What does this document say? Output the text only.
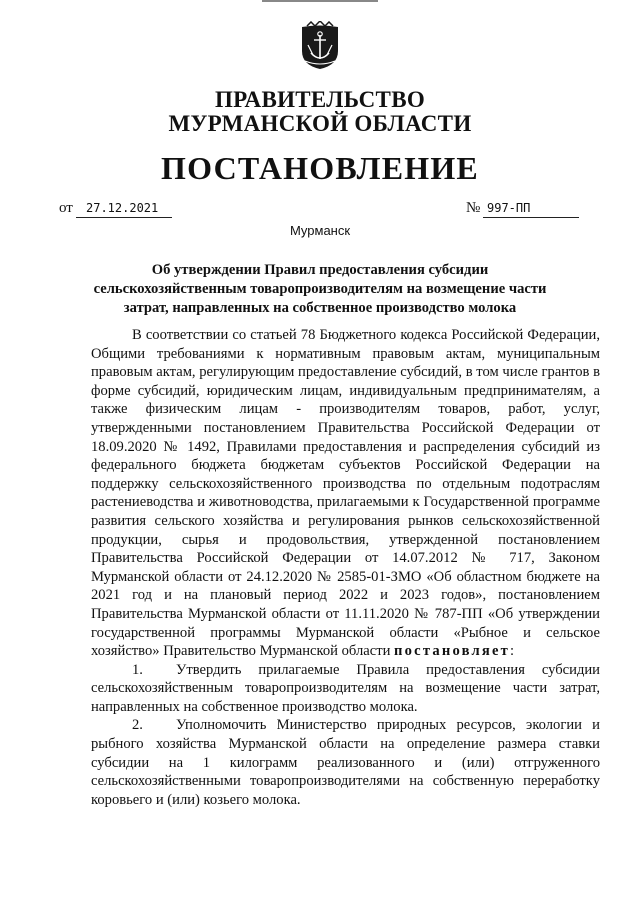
ПРАВИТЕЛЬСТВО
МУРМАНСКОЙ ОБЛАСТИ
ПОСТАНОВЛЕНИЕ
от	27.12.2021	№ 997-ПП
Мурманск
Об утверждении Правил предоставления субсидии
сельскохозяйственным товаропроизводителям на возмещение части
затрат, направленных на собственное производство молока

В соответствии со статьей 78 Бюджетного кодекса Российской Федерации, Общими требованиями к нормативным правовым актам, муниципальным правовым актам, регулирующим предоставление субсидий, в том числе грантов в форме субсидий, юридическим лицам, индивидуальным предпринимателям, а также физическим лицам - производителям товаров, работ, услуг, утвержденными постановлением Правительства Российской Федерации от 18.09.2020 № 1492, Правилами предоставления и распределения субсидий из федерального бюджета бюджетам субъектов Российской Федерации на поддержку сельскохозяйственного производства по отдельным подотраслям растениеводства и животноводства, прилагаемыми к Государственной программе развития сельского хозяйства и регулирования рынков сельскохозяйственной продукции, сырья и продовольствия, утвержденной постановлением Правительства Российской Федерации от 14.07.2012 № 717, Законом Мурманской области от 24.12.2020 № 2585-01-ЗМО «Об областном бюджете на 2021 год и на плановый период 2022 и 2023 годов», постановлением Правительства Мурманской области от 11.11.2020 № 787-ПП «Об утверждении государственной программы Мурманской области «Рыбное и сельское хозяйство» Правительство Мурманской области постановляет:

1. Утвердить прилагаемые Правила предоставления субсидии сельскохозяйственным товаропроизводителям на возмещение части затрат, направленных на собственное производство молока.

2. Уполномочить Министерство природных ресурсов, экологии и рыбного хозяйства Мурманской области на определение размера ставки субсидии на 1 килограмм реализованного и (или) отгруженного сельскохозяйственными товаропроизводителями на собственную переработку коровьего и (или) козьего молока.
